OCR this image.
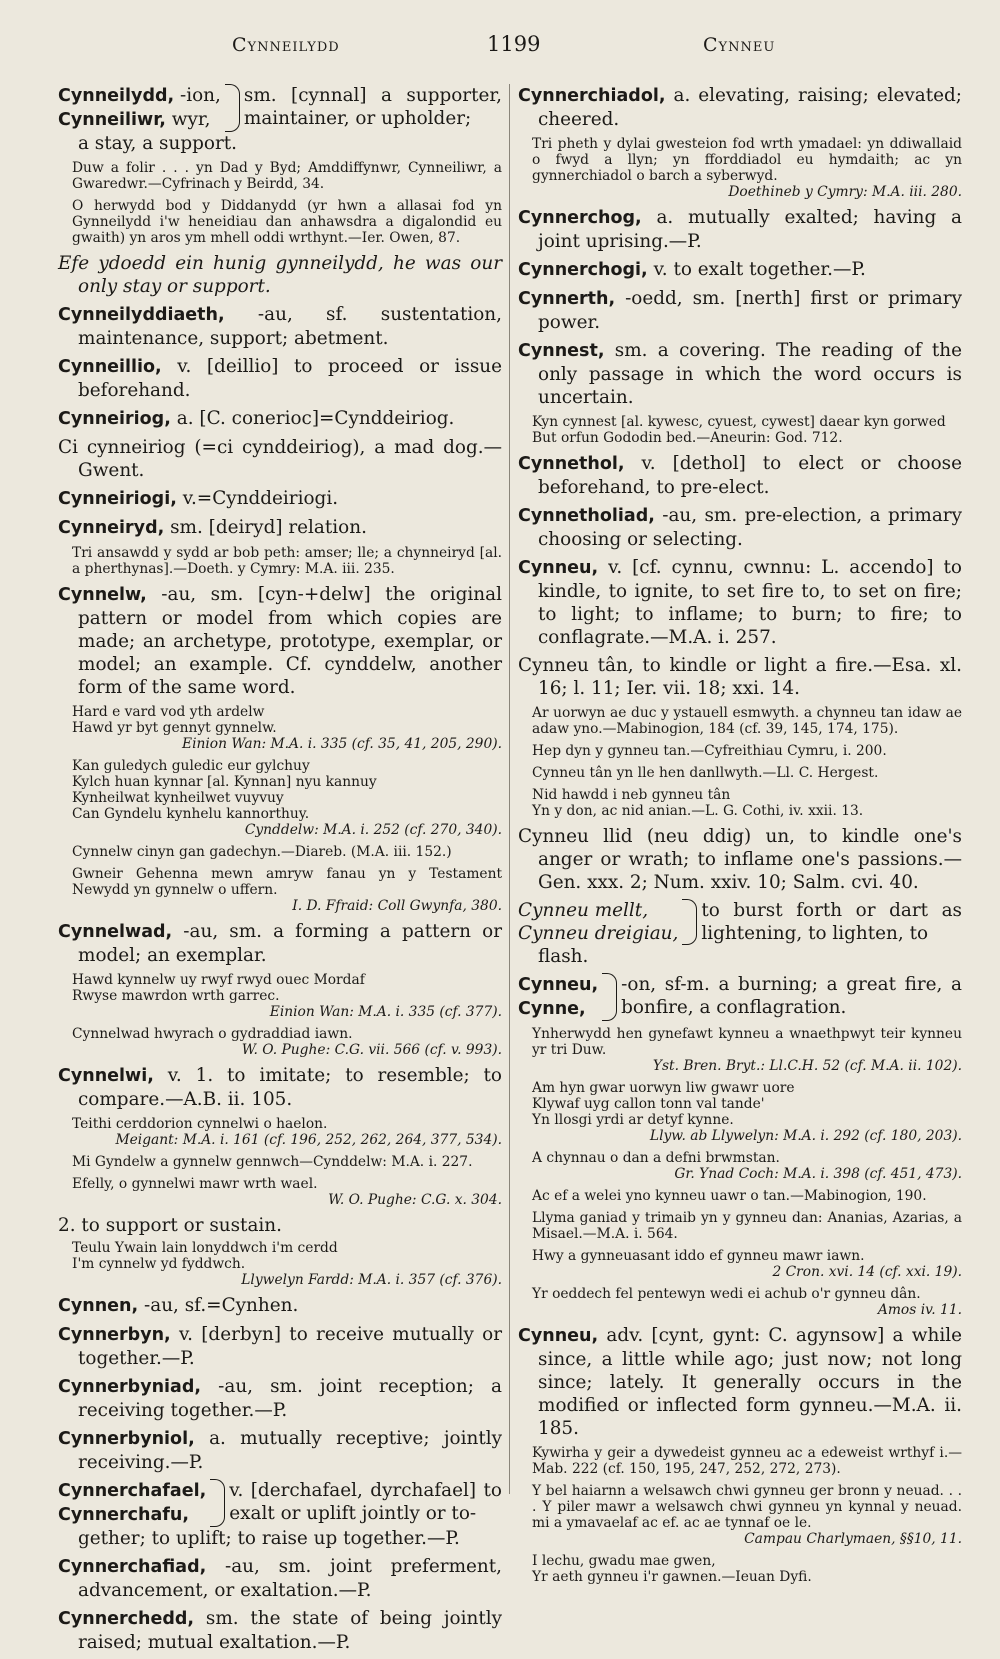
Cynneilydd	1199	Cynneu
Cynneilydd, -ion,
Cynneiliwr, wyr,
sm. [cynnal] a supporter, maintainer, or upholder;
a stay, a support.
Duw a folir . . . yn Dad y Byd; Amddiffynwr, Cynneiliwr, a Gwaredwr.—Cyfrinach y Beirdd, 34.
O herwydd bod y Diddanydd (yr hwn a allasai fod yn Gynneilydd i'w heneidiau dan anhawsdra a digalondid eu gwaith) yn aros ym mhell oddi wrthynt.—Ier. Owen, 87.
Efe ydoedd ein hunig gynneilydd, he was our only stay or support.
Cynneilyddiaeth, -au, sf. sustentation, maintenance, support; abetment.
Cynneillio, v. [deillio] to proceed or issue beforehand.
Cynneiriog, a. [C. conerioc]=Cynddeiriog.
Ci cynneiriog (=ci cynddeiriog), a mad dog.—Gwent.
Cynneiriogi, v.=Cynddeiriogi.
Cynneiryd, sm. [deiryd] relation.
Tri ansawdd y sydd ar bob peth: amser; lle; a chynneiryd [al. a pherthynas].—Doeth. y Cymry: M.A. iii. 235.
Cynnelw, -au, sm. [cyn-+delw] the original pattern or model from which copies are made; an archetype, prototype, exemplar, or model; an example. Cf. cynddelw, another form of the same word.
Hard e vard vod yth ardelw
Hawd yr byt gennyt gynnelw.
Einion Wan: M.A. i. 335 (cf. 35, 41, 205, 290).
Kan guledych guledic eur gylchuy
Kylch huan kynnar [al. Kynnan] nyu kannuy
Kynheilwat kynheilwet vuyvuy
Can Gyndelu kynhelu kannorthuy.
Cynddelw: M.A. i. 252 (cf. 270, 340).
Cynnelw cinyn gan gadechyn.—Diareb. (M.A. iii. 152.)
Gwneir Gehenna mewn amryw fanau yn y Testament Newydd yn gynnelw o uffern.
I. D. Ffraid: Coll Gwynfa, 380.
Cynnelwad, -au, sm. a forming a pattern or model; an exemplar.
Hawd kynnelw uy rwyf rwyd ouec Mordaf
Rwyse mawrdon wrth garrec.
Einion Wan: M.A. i. 335 (cf. 377).
Cynnelwad hwyrach o gydraddiad iawn.
W. O. Pughe: C.G. vii. 566 (cf. v. 993).
Cynnelwi, v. 1. to imitate; to resemble; to compare.—A.B. ii. 105.
Teithi cerddorion cynnelwi o haelon.
Meigant: M.A. i. 161 (cf. 196, 252, 262, 264, 377, 534).
Mi Gyndelw a gynnelw gennwch—Cynddelw: M.A. i. 227.
Efelly, o gynnelwi mawr wrth wael.
W. O. Pughe: C.G. x. 304.
2. to support or sustain.
Teulu Ywain lain lonyddwch i'm cerdd
I'm cynnelw yd fyddwch.
Llywelyn Fardd: M.A. i. 357 (cf. 376).
Cynnen, -au, sf.=Cynhen.
Cynnerbyn, v. [derbyn] to receive mutually or together.—P.
Cynnerbyniad, -au, sm. joint reception; a receiving together.—P.
Cynnerbyniol, a. mutually receptive; jointly receiving.—P.
Cynnerchafael,
Cynnerchafu,
v. [derchafael, dyrchafael] to exalt or uplift jointly or to-
gether; to uplift; to raise up together.—P.
Cynnerchafiad, -au, sm. joint preferment, advancement, or exaltation.—P.
Cynnerchedd, sm. the state of being jointly raised; mutual exaltation.—P.
Cynnerchiadol, a. elevating, raising; elevated; cheered.
Tri pheth y dylai gwesteion fod wrth ymadael: yn ddiwallaid o fwyd a llyn; yn fforddiadol eu hymdaith; ac yn gynnerchiadol o barch a syberwyd.
Doethineb y Cymry: M.A. iii. 280.
Cynnerchog, a. mutually exalted; having a joint uprising.—P.
Cynnerchogi, v. to exalt together.—P.
Cynnerth, -oedd, sm. [nerth] first or primary power.
Cynnest, sm. a covering. The reading of the only passage in which the word occurs is uncertain.
Kyn cynnest [al. kywesc, cyuest, cywest] daear kyn gorwed
But orfun Gododin bed.—Aneurin: God. 712.
Cynnethol, v. [dethol] to elect or choose beforehand, to pre-elect.
Cynnetholiad, -au, sm. pre-election, a primary choosing or selecting.
Cynneu, v. [cf. cynnu, cwnnu: L. accendo] to kindle, to ignite, to set fire to, to set on fire; to light; to inflame; to burn; to fire; to conflagrate.—M.A. i. 257.
Cynneu tân, to kindle or light a fire.—Esa. xl. 16; l. 11; Ier. vii. 18; xxi. 14.
Ar uorwyn ae duc y ystauell esmwyth. a chynneu tan idaw ae adaw yno.—Mabinogion, 184 (cf. 39, 145, 174, 175).
Hep dyn y gynneu tan.—Cyfreithiau Cymru, i. 200.
Cynneu tân yn lle hen danllwyth.—Ll. C. Hergest.
Nid hawdd i neb gynneu tân
Yn y don, ac nid anian.—L. G. Cothi, iv. xxii. 13.
Cynneu llid (neu ddig) un, to kindle one's anger or wrath; to inflame one's passions.—Gen. xxx. 2; Num. xxiv. 10; Salm. cvi. 40.
Cynneu mellt,
Cynneu dreigiau,
to burst forth or dart as lightening, to lighten, to
flash.
Cynneu,
Cynne,
-on, sf-m. a burning; a great fire, a bonfire, a conflagration.
Ynherwydd hen gynefawt kynneu a wnaethpwyt teir kynneu yr tri Duw.
Yst. Bren. Bryt.: Ll.C.H. 52 (cf. M.A. ii. 102).
Am hyn gwar uorwyn liw gwawr uore
Klywaf uyg callon tonn val tande'
Yn llosgi yrdi ar detyf kynne.
Llyw. ab Llywelyn: M.A. i. 292 (cf. 180, 203).
A chynnau o dan a defni brwmstan.
Gr. Ynad Coch: M.A. i. 398 (cf. 451, 473).
Ac ef a welei yno kynneu uawr o tan.—Mabinogion, 190.
Llyma ganiad y trimaib yn y gynneu dan: Ananias, Azarias, a Misael.—M.A. i. 564.
Hwy a gynneuasant iddo ef gynneu mawr iawn.
2 Cron. xvi. 14 (cf. xxi. 19).
Yr oeddech fel pentewyn wedi ei achub o'r gynneu dân.
Amos iv. 11.
Cynneu, adv. [cynt, gynt: C. agynsow] a while since, a little while ago; just now; not long since; lately. It generally occurs in the modified or inflected form gynneu.—M.A. ii. 185.
Kywirha y geir a dywedeist gynneu ac a edeweist wrthyf i.—Mab. 222 (cf. 150, 195, 247, 252, 272, 273).
Y bel haiarnn a welsawch chwi gynneu ger bronn y neuad. . . . Y piler mawr a welsawch chwi gynneu yn kynnal y neuad. mi a ymavaelaf ac ef. ac ae tynnaf oe le.
Campau Charlymaen, §§10, 11.
I lechu, gwadu mae gwen,
Yr aeth gynneu i'r gawnen.—Ieuan Dyfi.
